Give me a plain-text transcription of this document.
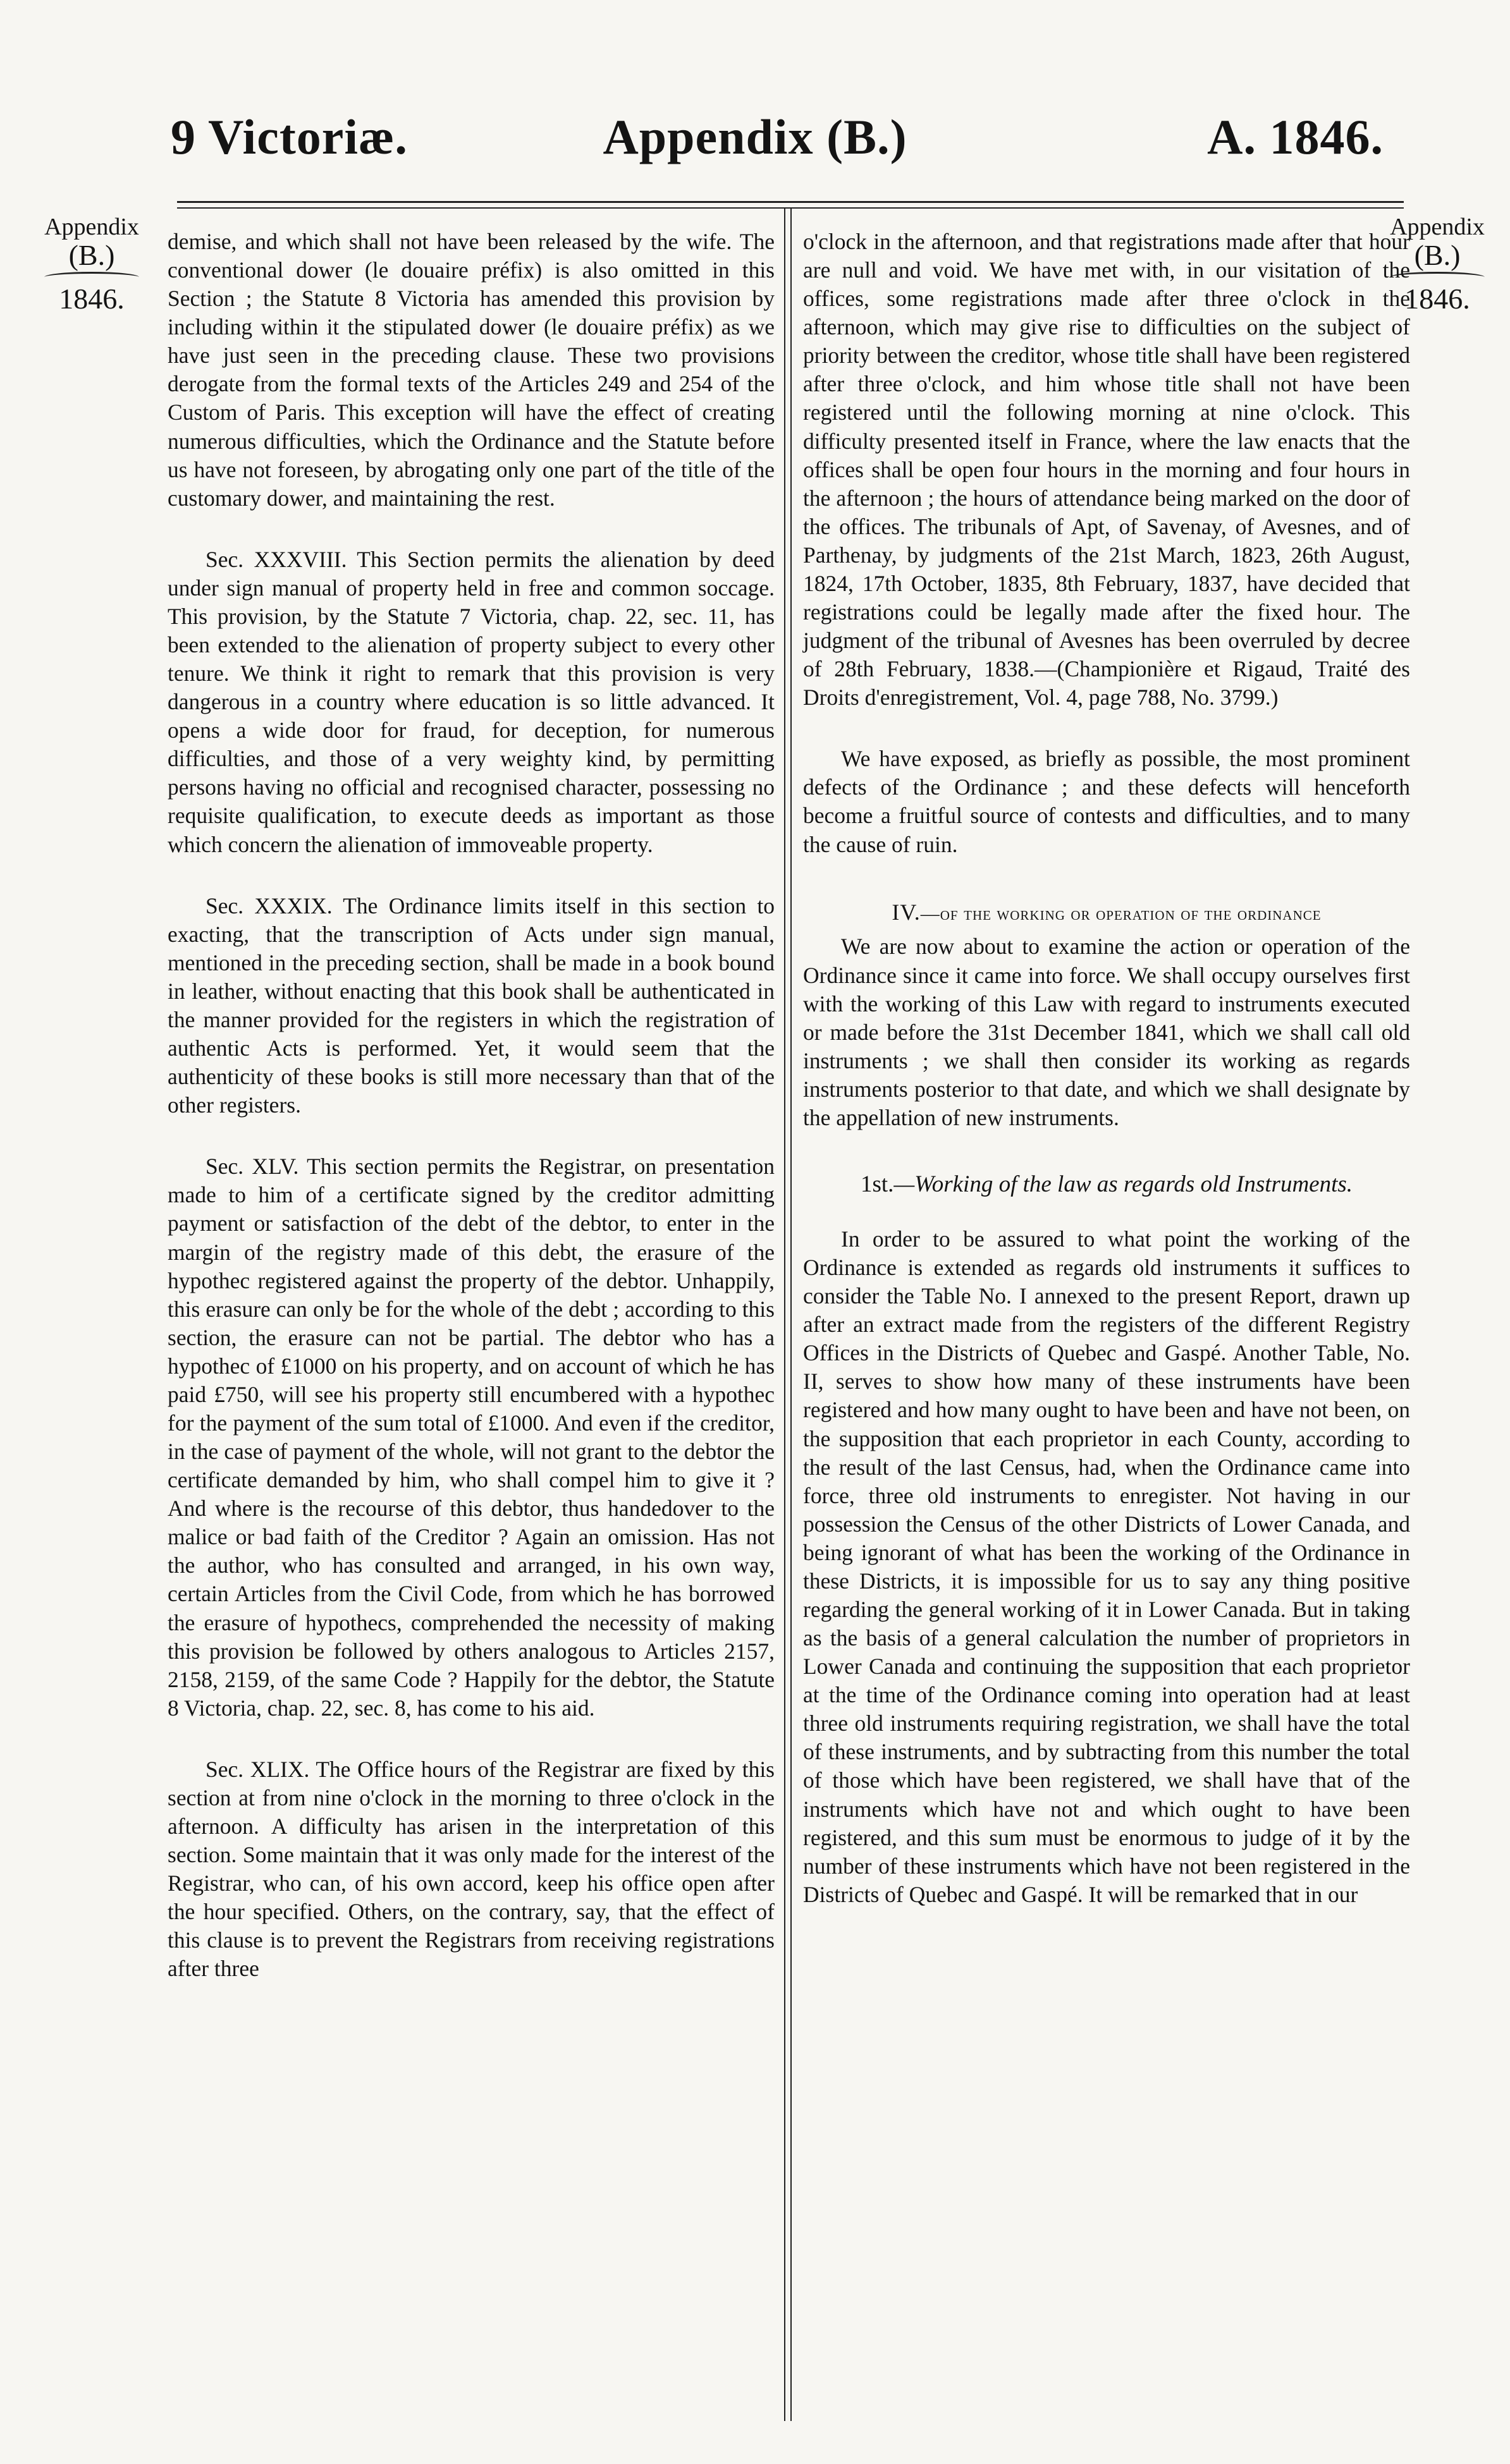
9 Victoriæ.	Appendix (B.)	A. 1846.
Appendix
(B.)
1846.
Appendix
(B.)
1846.

demise, and which shall not have been released by the wife. The conventional dower (le douaire préfix) is also omitted in this Section ; the Statute 8 Victoria has amended this provision by including within it the stipulated dower (le douaire préfix) as we have just seen in the preceding clause. These two provisions derogate from the formal texts of the Articles 249 and 254 of the Custom of Paris. This exception will have the effect of creating numerous difficulties, which the Ordinance and the Statute before us have not foreseen, by abrogating only one part of the title of the customary dower, and maintaining the rest.

Sec. XXXVIII. This Section permits the alienation by deed under sign manual of property held in free and common soccage. This provision, by the Statute 7 Victoria, chap. 22, sec. 11, has been extended to the alienation of property subject to every other tenure. We think it right to remark that this provision is very dangerous in a country where education is so little advanced. It opens a wide door for fraud, for deception, for numerous difficulties, and those of a very weighty kind, by permitting persons having no official and recognised character, possessing no requisite qualification, to execute deeds as important as those which concern the alienation of immoveable property.

Sec. XXXIX. The Ordinance limits itself in this section to exacting, that the transcription of Acts under sign manual, mentioned in the preceding section, shall be made in a book bound in leather, without enacting that this book shall be authenticated in the manner provided for the registers in which the registration of authentic Acts is performed. Yet, it would seem that the authenticity of these books is still more necessary than that of the other registers.

Sec. XLV. This section permits the Registrar, on presentation made to him of a certificate signed by the creditor admitting payment or satisfaction of the debt of the debtor, to enter in the margin of the registry made of this debt, the erasure of the hypothec registered against the property of the debtor. Unhappily, this erasure can only be for the whole of the debt ; according to this section, the erasure can not be partial. The debtor who has a hypothec of £1000 on his property, and on account of which he has paid £750, will see his property still encumbered with a hypothec for the payment of the sum total of £1000. And even if the creditor, in the case of payment of the whole, will not grant to the debtor the certificate demanded by him, who shall compel him to give it ? And where is the recourse of this debtor, thus handedover to the malice or bad faith of the Creditor ? Again an omission. Has not the author, who has consulted and arranged, in his own way, certain Articles from the Civil Code, from which he has borrowed the erasure of hypothecs, comprehended the necessity of making this provision be followed by others analogous to Articles 2157, 2158, 2159, of the same Code ? Happily for the debtor, the Statute 8 Victoria, chap. 22, sec. 8, has come to his aid.

Sec. XLIX. The Office hours of the Registrar are fixed by this section at from nine o'clock in the morning to three o'clock in the afternoon. A difficulty has arisen in the interpretation of this section. Some maintain that it was only made for the interest of the Registrar, who can, of his own accord, keep his office open after the hour specified. Others, on the contrary, say, that the effect of this clause is to prevent the Registrars from receiving registrations after three

o'clock in the afternoon, and that registrations made after that hour are null and void. We have met with, in our visitation of the offices, some registrations made after three o'clock in the afternoon, which may give rise to difficulties on the subject of priority between the creditor, whose title shall have been registered after three o'clock, and him whose title shall not have been registered until the following morning at nine o'clock. This difficulty presented itself in France, where the law enacts that the offices shall be open four hours in the morning and four hours in the afternoon ; the hours of attendance being marked on the door of the offices. The tribunals of Apt, of Savenay, of Avesnes, and of Parthenay, by judgments of the 21st March, 1823, 26th August, 1824, 17th October, 1835, 8th February, 1837, have decided that registrations could be legally made after the fixed hour. The judgment of the tribunal of Avesnes has been overruled by decree of 28th February, 1838.—(Championière et Rigaud, Traité des Droits d'enregistrement, Vol. 4, page 788, No. 3799.)

We have exposed, as briefly as possible, the most prominent defects of the Ordinance ; and these defects will henceforth become a fruitful source of contests and difficulties, and to many the cause of ruin.

IV.—of the working or operation of the ordinance

We are now about to examine the action or operation of the Ordinance since it came into force. We shall occupy ourselves first with the working of this Law with regard to instruments executed or made before the 31st December 1841, which we shall call old instruments ; we shall then consider its working as regards instruments posterior to that date, and which we shall designate by the appellation of new instruments.

1st.—Working of the law as regards old Instruments.

In order to be assured to what point the working of the Ordinance is extended as regards old instruments it suffices to consider the Table No. I annexed to the present Report, drawn up after an extract made from the registers of the different Registry Offices in the Districts of Quebec and Gaspé. Another Table, No. II, serves to show how many of these instruments have been registered and how many ought to have been and have not been, on the supposition that each proprietor in each County, according to the result of the last Census, had, when the Ordinance came into force, three old instruments to enregister. Not having in our possession the Census of the other Districts of Lower Canada, and being ignorant of what has been the working of the Ordinance in these Districts, it is impossible for us to say any thing positive regarding the general working of it in Lower Canada. But in taking as the basis of a general calculation the number of proprietors in Lower Canada and continuing the supposition that each proprietor at the time of the Ordinance coming into operation had at least three old instruments requiring registration, we shall have the total of these instruments, and by subtracting from this number the total of those which have been registered, we shall have that of the instruments which have not and which ought to have been registered, and this sum must be enormous to judge of it by the number of these instruments which have not been registered in the Districts of Quebec and Gaspé. It will be remarked that in our
